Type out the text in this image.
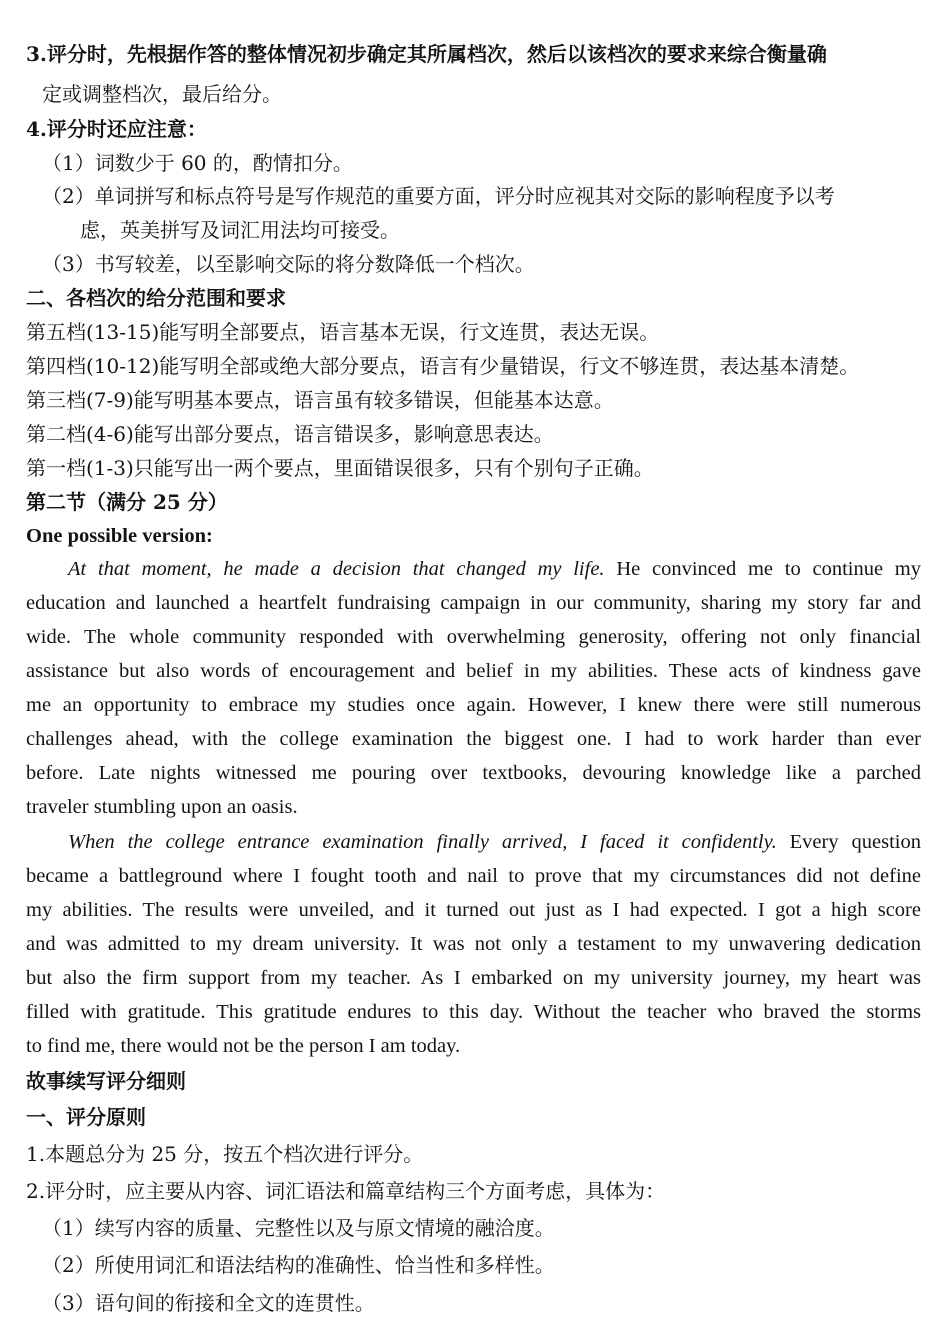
3.评分时，先根据作答的整体情况初步确定其所属档次，然后以该档次的要求来综合衡量确
定或调整档次，最后给分。
4.评分时还应注意：
（1）词数少于 60 的，酌情扣分。
（2）单词拼写和标点符号是写作规范的重要方面，评分时应视其对交际的影响程度予以考
虑，英美拼写及词汇用法均可接受。
（3）书写较差，以至影响交际的将分数降低一个档次。
二、各档次的给分范围和要求
第五档(13-15)能写明全部要点，语言基本无误，行文连贯，表达无误。
第四档(10-12)能写明全部或绝大部分要点，语言有少量错误，行文不够连贯，表达基本清楚。
第三档(7-9)能写明基本要点，语言虽有较多错误，但能基本达意。
第二档(4-6)能写出部分要点，语言错误多，影响意思表达。
第一档(1-3)只能写出一两个要点，里面错误很多，只有个别句子正确。
第二节（满分 25 分）
One possible version:
At that moment, he made a decision that changed my life. He convinced me to continue my
education and launched a heartfelt fundraising campaign in our community, sharing my story far and
wide. The whole community responded with overwhelming generosity, offering not only financial
assistance but also words of encouragement and belief in my abilities. These acts of kindness gave
me an opportunity to embrace my studies once again. However, I knew there were still numerous
challenges ahead, with the college examination the biggest one. I had to work harder than ever
before. Late nights witnessed me pouring over textbooks, devouring knowledge like a parched
traveler stumbling upon an oasis.
When the college entrance examination finally arrived, I faced it confidently. Every question
became a battleground where I fought tooth and nail to prove that my circumstances did not define
my abilities. The results were unveiled, and it turned out just as I had expected. I got a high score
and was admitted to my dream university. It was not only a testament to my unwavering dedication
but also the firm support from my teacher. As I embarked on my university journey, my heart was
filled with gratitude. This gratitude endures to this day. Without the teacher who braved the storms
to find me, there would not be the person I am today.
故事续写评分细则
一、评分原则
1.本题总分为 25 分，按五个档次进行评分。
2.评分时，应主要从内容、词汇语法和篇章结构三个方面考虑，具体为：
（1）续写内容的质量、完整性以及与原文情境的融洽度。
（2）所使用词汇和语法结构的准确性、恰当性和多样性。
（3）语句间的衔接和全文的连贯性。
